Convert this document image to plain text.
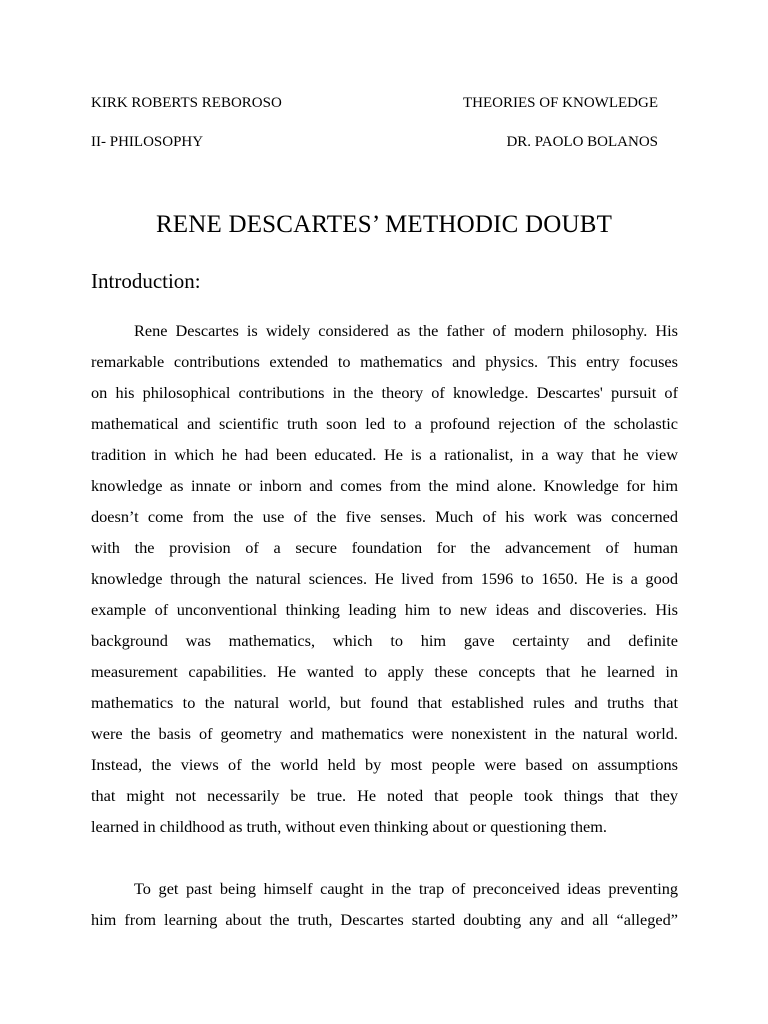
KIRK ROBERTS REBOROSO	THEORIES OF KNOWLEDGE
II- PHILOSOPHY	DR. PAOLO BOLANOS
RENE DESCARTES’ METHODIC DOUBT
Introduction:

Rene Descartes is widely considered as the father of modern philosophy. His
remarkable contributions extended to mathematics and physics. This entry focuses
on his philosophical contributions in the theory of knowledge. Descartes' pursuit of
mathematical and scientific truth soon led to a profound rejection of the scholastic
tradition in which he had been educated. He is a rationalist, in a way that he view
knowledge as innate or inborn and comes from the mind alone. Knowledge for him
doesn’t come from the use of the five senses. Much of his work was concerned
with the provision of a secure foundation for the advancement of human
knowledge through the natural sciences. He lived from 1596 to 1650. He is a good
example of unconventional thinking leading him to new ideas and discoveries. His
background was mathematics, which to him gave certainty and definite
measurement capabilities. He wanted to apply these concepts that he learned in
mathematics to the natural world, but found that established rules and truths that
were the basis of geometry and mathematics were nonexistent in the natural world.
Instead, the views of the world held by most people were based on assumptions
that might not necessarily be true. He noted that people took things that they
learned in childhood as truth, without even thinking about or questioning them.

To get past being himself caught in the trap of preconceived ideas preventing
him from learning about the truth, Descartes started doubting any and all “alleged”
